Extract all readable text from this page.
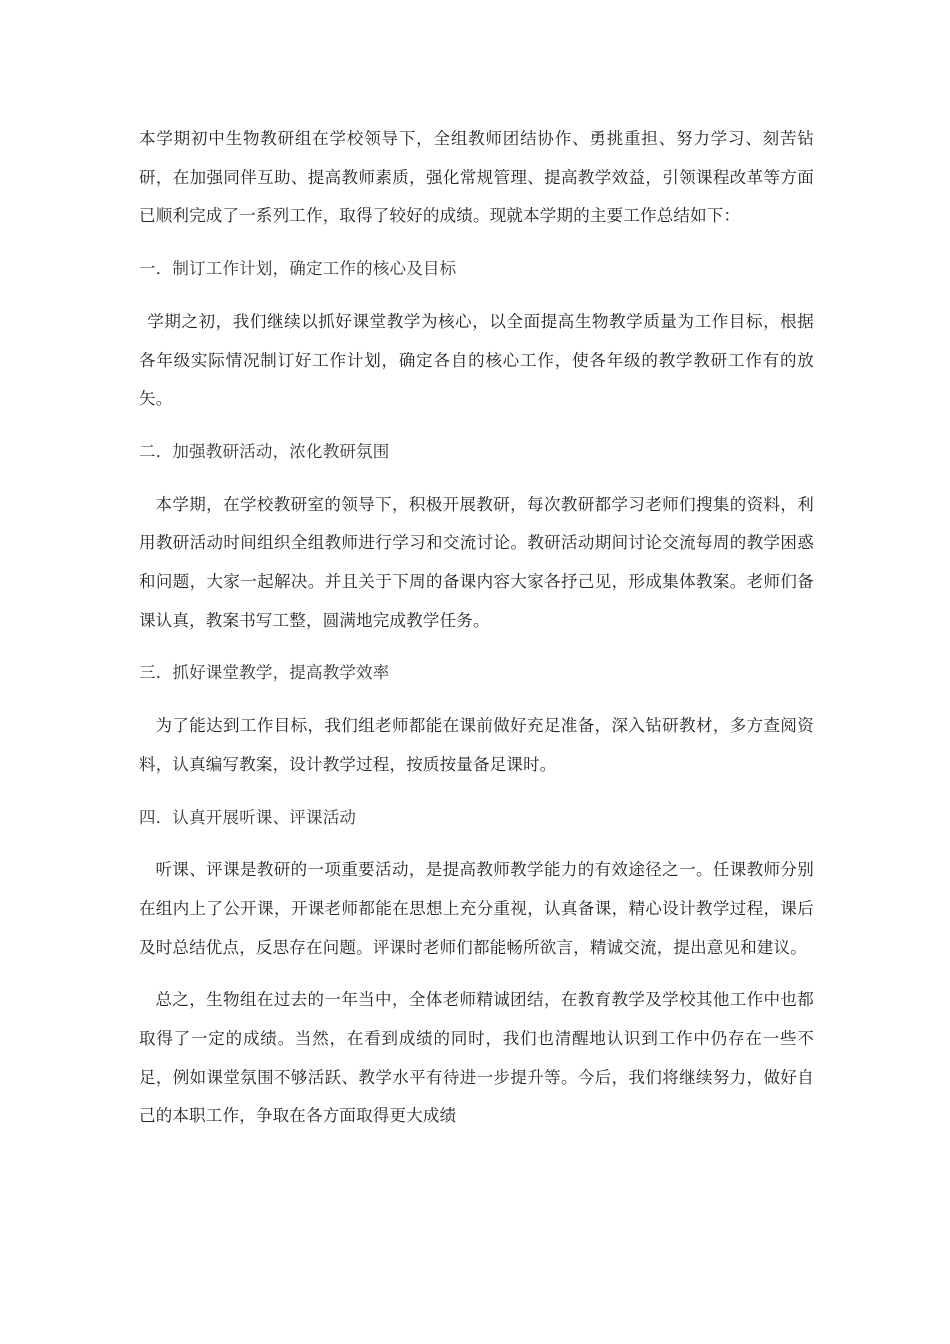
本学期初中生物教研组在学校领导下，全组教师团结协作、勇挑重担、努力学习、刻苦钻研，在加强同伴互助、提高教师素质，强化常规管理、提高教学效益，引领课程改革等方面已顺利完成了一系列工作，取得了较好的成绩。现就本学期的主要工作总结如下：

一．制订工作计划，确定工作的核心及目标

学期之初，我们继续以抓好课堂教学为核心，以全面提高生物教学质量为工作目标，根据各年级实际情况制订好工作计划，确定各自的核心工作，使各年级的教学教研工作有的放矢。

二．加强教研活动，浓化教研氛围

本学期，在学校教研室的领导下，积极开展教研，每次教研都学习老师们搜集的资料，利用教研活动时间组织全组教师进行学习和交流讨论。教研活动期间讨论交流每周的教学困惑和问题，大家一起解决。并且关于下周的备课内容大家各抒己见，形成集体教案。老师们备课认真，教案书写工整，圆满地完成教学任务。

三．抓好课堂教学，提高教学效率

为了能达到工作目标，我们组老师都能在课前做好充足准备，深入钻研教材，多方查阅资料，认真编写教案，设计教学过程，按质按量备足课时。

四．认真开展听课、评课活动

听课、评课是教研的一项重要活动，是提高教师教学能力的有效途径之一。任课教师分别在组内上了公开课，开课老师都能在思想上充分重视，认真备课，精心设计教学过程，课后及时总结优点，反思存在问题。评课时老师们都能畅所欲言，精诚交流，提出意见和建议。

总之，生物组在过去的一年当中，全体老师精诚团结，在教育教学及学校其他工作中也都取得了一定的成绩。当然，在看到成绩的同时，我们也清醒地认识到工作中仍存在一些不足，例如课堂氛围不够活跃、教学水平有待进一步提升等。今后，我们将继续努力，做好自己的本职工作，争取在各方面取得更大成绩
